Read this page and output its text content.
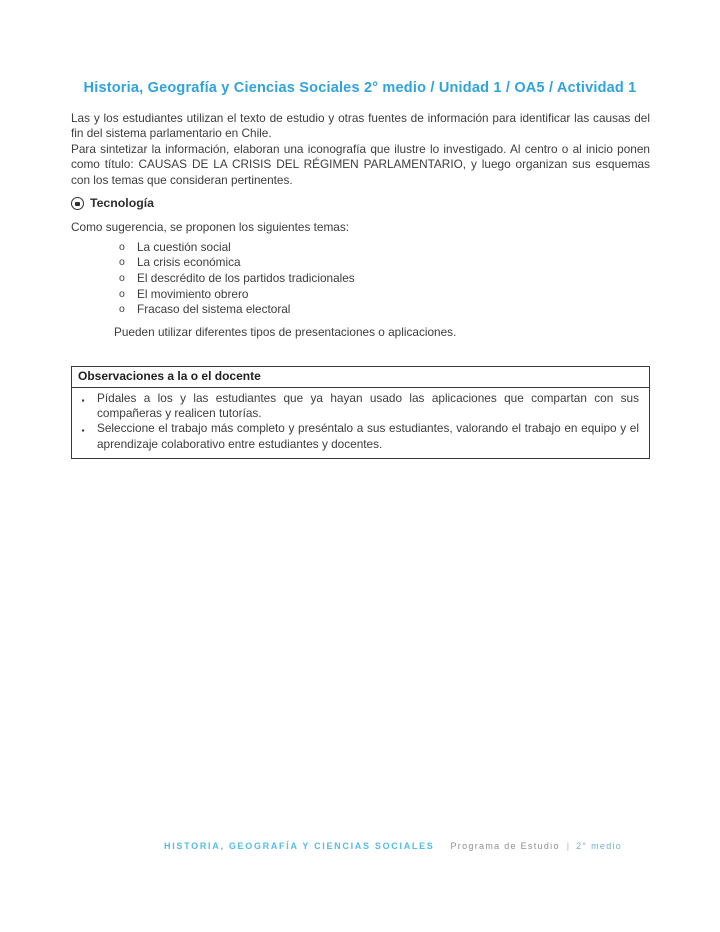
Historia, Geografía y Ciencias Sociales 2° medio / Unidad 1 / OA5 / Actividad 1

Las y los estudiantes utilizan el texto de estudio y otras fuentes de información para identificar las causas del fin del sistema parlamentario en Chile.

Para sintetizar la información, elaboran una iconografía que ilustre lo investigado. Al centro o al inicio ponen como título: CAUSAS DE LA CRISIS DEL RÉGIMEN PARLAMENTARIO, y luego organizan sus esquemas con los temas que consideran pertinentes.

Tecnología

Como sugerencia, se proponen los siguientes temas:

o La cuestión social
o La crisis económica
o El descrédito de los partidos tradicionales
o El movimiento obrero
o Fracaso del sistema electoral

Pueden utilizar diferentes tipos de presentaciones o aplicaciones.

Observaciones a la o el docente
▪	Pídales a los y las estudiantes que ya hayan usado las aplicaciones que compartan con sus compañeras y realicen tutorías.
▪	Seleccione el trabajo más completo y preséntalo a sus estudiantes, valorando el trabajo en equipo y el aprendizaje colaborativo entre estudiantes y docentes.
HISTORIA, GEOGRAFÍA Y CIENCIAS SOCIALES Programa de Estudio | 2° medio
